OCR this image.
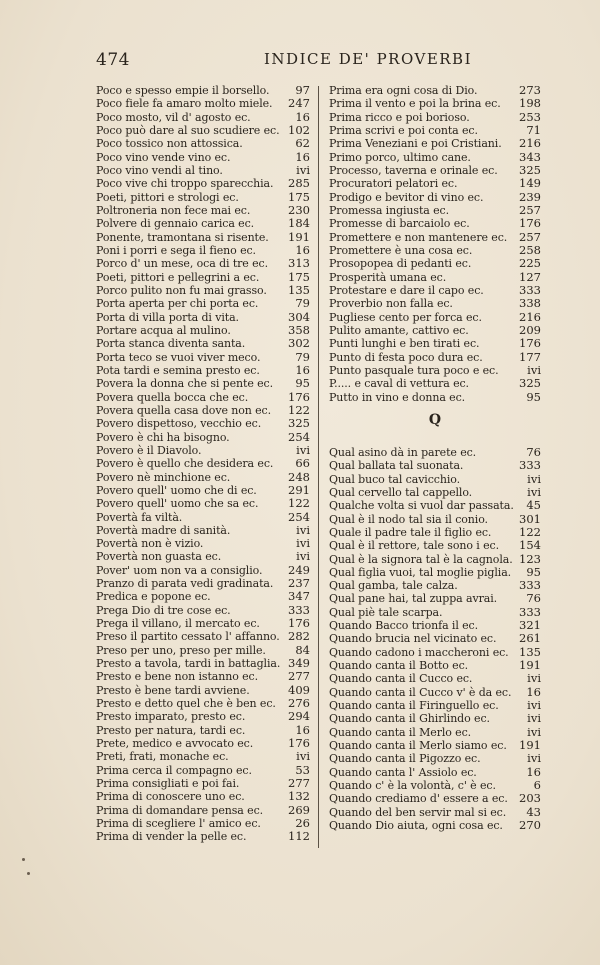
474	INDICE DE' PROVERBI
Poco e spesso empie il borsello. 97
Poco fiele fa amaro molto miele. 247
Poco mosto, vil d' agosto ec.	16
Poco può dare al suo scudiere ec. 102
Poco tossico non attossica.	62
Poco vino vende vino ec.	16
Poco vino vendi al tino.	ivi
Poco vive chi troppo sparecchia. 285
Poeti, pittori e strologi ec.	175
Poltroneria non fece mai ec.	230
Polvere di gennaio carica ec.	184
Ponente, tramontana si risente. 191
Poni i porri e sega il fieno ec.	16
Porco d' un mese, oca di tre ec. 313
Poeti, pittori e pellegrini a ec.	175
Porco pulito non fu mai grasso. 135
Porta aperta per chi porta ec.	79
Porta di villa porta di vita.	304
Portare acqua al mulino.	358
Porta stanca diventa santa.	302
Porta teco se vuoi viver meco.	79
Pota tardi e semina presto ec.	16
Povera la donna che si pente ec. 95
Povera quella bocca che ec.	176
Povera quella casa dove non ec. 122
Povero dispettoso, vecchio ec. 325
Povero è chi ha bisogno.	254
Povero è il Diavolo.	ivi
Povero è quello che desidera ec. 66
Povero nè minchione ec.	248
Povero quell' uomo che di ec.	291
Povero quell' uomo che sa ec.	122
Povertà fa viltà.	254
Povertà madre di sanità.	ivi
Povertà non è vizio.	ivi
Povertà non guasta ec.	ivi
Pover' uom non va a consiglio. 249
Pranzo di parata vedi gradinata. 237
Predica e popone ec.	347
Prega Dio di tre cose ec.	333
Prega il villano, il mercato ec. 176
Preso il partito cessato l' affanno. 282
Preso per uno, preso per mille.	84
Presto a tavola, tardi in battaglia. 349
Presto e bene non istanno ec.	277
Presto è bene tardi avviene.	409
Presto e detto quel che è ben ec. 276
Presto imparato, presto ec.	294
Presto per natura, tardi ec.	16
Prete, medico e avvocato ec.	176
Preti, frati, monache ec.	ivi
Prima cerca il compagno ec.	53
Prima consigliati e poi fai.	277
Prima di conoscere uno ec.	132
Prima di domandare pensa ec. 269
Prima di scegliere l' amico ec.	26
Prima di vender la pelle ec.	112
Prima era ogni cosa di Dio.	273
Prima il vento e poi la brina ec. 198
Prima ricco e poi borioso.	253
Prima scrivi e poi conta ec.	71
Prima Veneziani e poi Cristiani. 216
Primo porco, ultimo cane.	343
Processo, taverna e orinale ec. 325
Procuratori pelatori ec.	149
Prodigo e bevitor di vino ec.	239
Promessa ingiusta ec.	257
Promesse di barcaiolo ec.	176
Promettere e non mantenere ec. 257
Promettere è una cosa ec.	258
Prosopopea di pedanti ec.	225
Prosperità umana ec.	127
Protestare e dare il capo ec.	333
Proverbio non falla ec.	338
Pugliese cento per forca ec.	216
Pulito amante, cattivo ec.	209
Punti lunghi e ben tirati ec.	176
Punto di festa poco dura ec.	177
Punto pasquale tura poco e ec. ivi
P..... e caval di vettura ec.	325
Putto in vino e donna ec.	95
Q
Qual asino dà in parete ec.	76
Qual ballata tal suonata.	333
Qual buco tal cavicchio.	ivi
Qual cervello tal cappello.	ivi
Qualche volta si vuol dar passata. 45
Qual è il nodo tal sia il conio.	301
Quale il padre tale il figlio ec. 122
Qual è il rettore, tale sono i ec. 154
Qual è la signora tal è la cagnola. 123
Qual figlia vuoi, tal moglie piglia. 95
Qual gamba, tale calza.	333
Qual pane hai, tal zuppa avrai.	76
Qual piè tale scarpa.	333
Quando Bacco trionfa il ec.	321
Quando brucia nel vicinato ec. 261
Quando cadono i maccheroni ec. 135
Quando canta il Botto ec.	191
Quando canta il Cucco ec.	ivi
Quando canta il Cucco v' è da ec. 16
Quando canta il Firinguello ec. ivi
Quando canta il Ghirlindo ec.	ivi
Quando canta il Merlo ec.	ivi
Quando canta il Merlo siamo ec. 191
Quando canta il Pigozzo ec.	ivi
Quando canta l' Assiolo ec.	16
Quando c' è la volontà, c' è ec.	6
Quando crediamo d' essere a ec. 203
Quando del ben servir mal si ec. 43
Quando Dio aiuta, ogni cosa ec. 270
